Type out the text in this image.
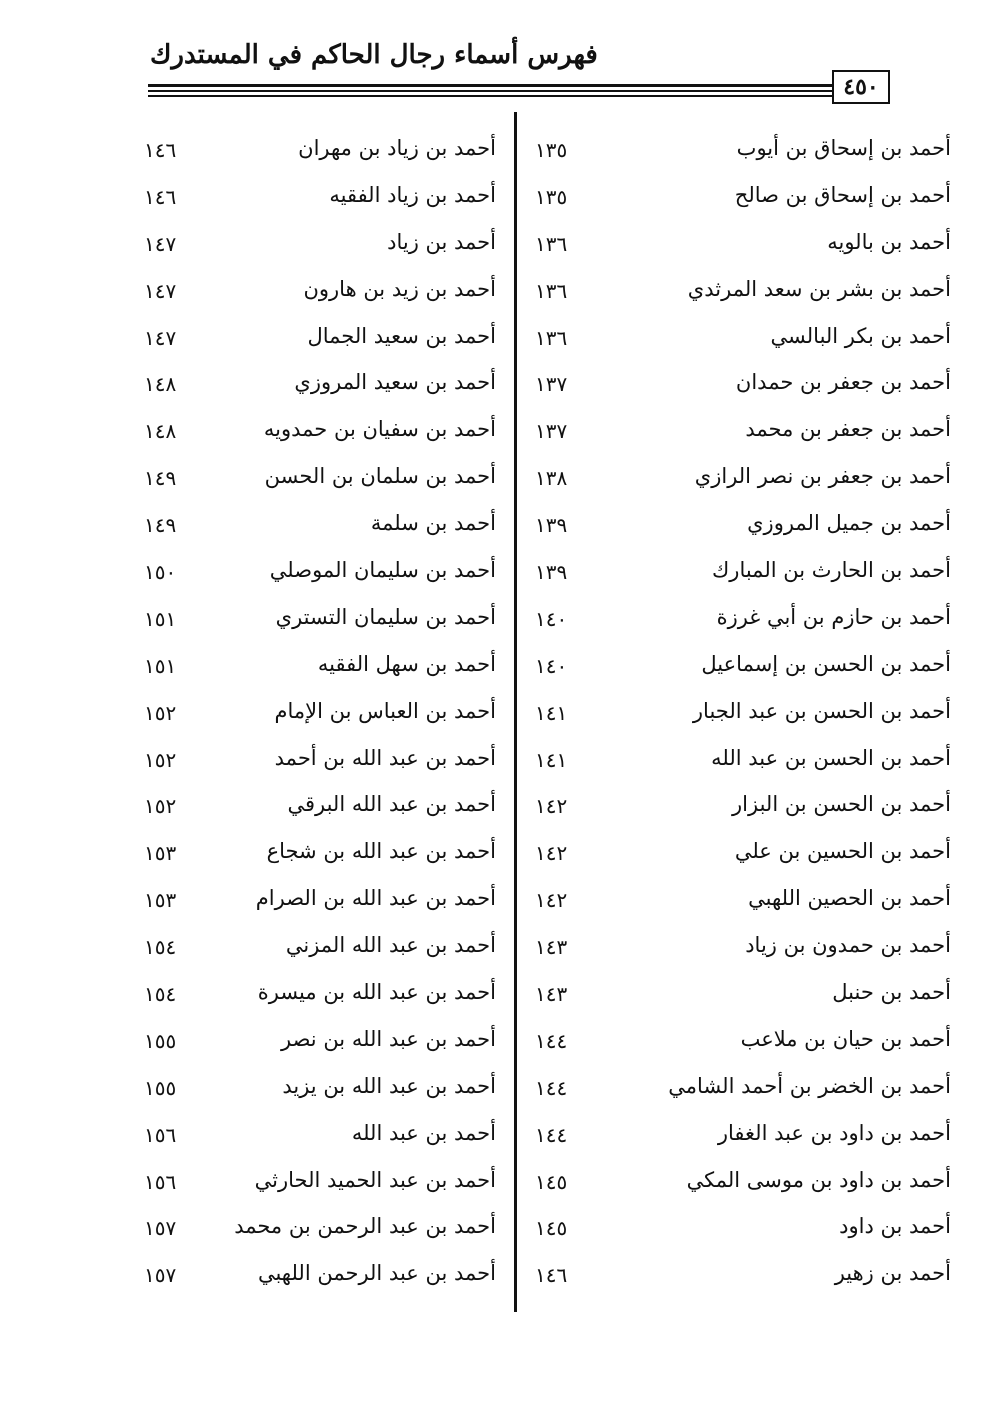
فهرس أسماء رجال الحاكم في المستدرك
٤٥٠
أحمد بن إسحاق بن أيوب
١٣٥
أحمد بن إسحاق بن صالح
١٣٥
أحمد بن بالويه
١٣٦
أحمد بن بشر بن سعد المرثدي
١٣٦
أحمد بن بكر البالسي
١٣٦
أحمد بن جعفر بن حمدان
١٣٧
أحمد بن جعفر بن محمد
١٣٧
أحمد بن جعفر بن نصر الرازي
١٣٨
أحمد بن جميل المروزي
١٣٩
أحمد بن الحارث بن المبارك
١٣٩
أحمد بن حازم بن أبي غرزة
١٤٠
أحمد بن الحسن بن إسماعيل
١٤٠
أحمد بن الحسن بن عبد الجبار
١٤١
أحمد بن الحسن بن عبد الله
١٤١
أحمد بن الحسن بن البزار
١٤٢
أحمد بن الحسين بن علي
١٤٢
أحمد بن الحصين اللهبي
١٤٢
أحمد بن حمدون بن زياد
١٤٣
أحمد بن حنبل
١٤٣
أحمد بن حيان بن ملاعب
١٤٤
أحمد بن الخضر بن أحمد الشامي
١٤٤
أحمد بن داود بن عبد الغفار
١٤٤
أحمد بن داود بن موسى المكي
١٤٥
أحمد بن داود
١٤٥
أحمد بن زهير
١٤٦
أحمد بن زياد بن مهران
١٤٦
أحمد بن زياد الفقيه
١٤٦
أحمد بن زياد
١٤٧
أحمد بن زيد بن هارون
١٤٧
أحمد بن سعيد الجمال
١٤٧
أحمد بن سعيد المروزي
١٤٨
أحمد بن سفيان بن حمدويه
١٤٨
أحمد بن سلمان بن الحسن
١٤٩
أحمد بن سلمة
١٤٩
أحمد بن سليمان الموصلي
١٥٠
أحمد بن سليمان التستري
١٥١
أحمد بن سهل الفقيه
١٥١
أحمد بن العباس بن الإمام
١٥٢
أحمد بن عبد الله بن أحمد
١٥٢
أحمد بن عبد الله البرقي
١٥٢
أحمد بن عبد الله بن شجاع
١٥٣
أحمد بن عبد الله بن الصرام
١٥٣
أحمد بن عبد الله المزني
١٥٤
أحمد بن عبد الله بن ميسرة
١٥٤
أحمد بن عبد الله بن نصر
١٥٥
أحمد بن عبد الله بن يزيد
١٥٥
أحمد بن عبد الله
١٥٦
أحمد بن عبد الحميد الحارثي
١٥٦
أحمد بن عبد الرحمن بن محمد
١٥٧
أحمد بن عبد الرحمن اللهبي
١٥٧
